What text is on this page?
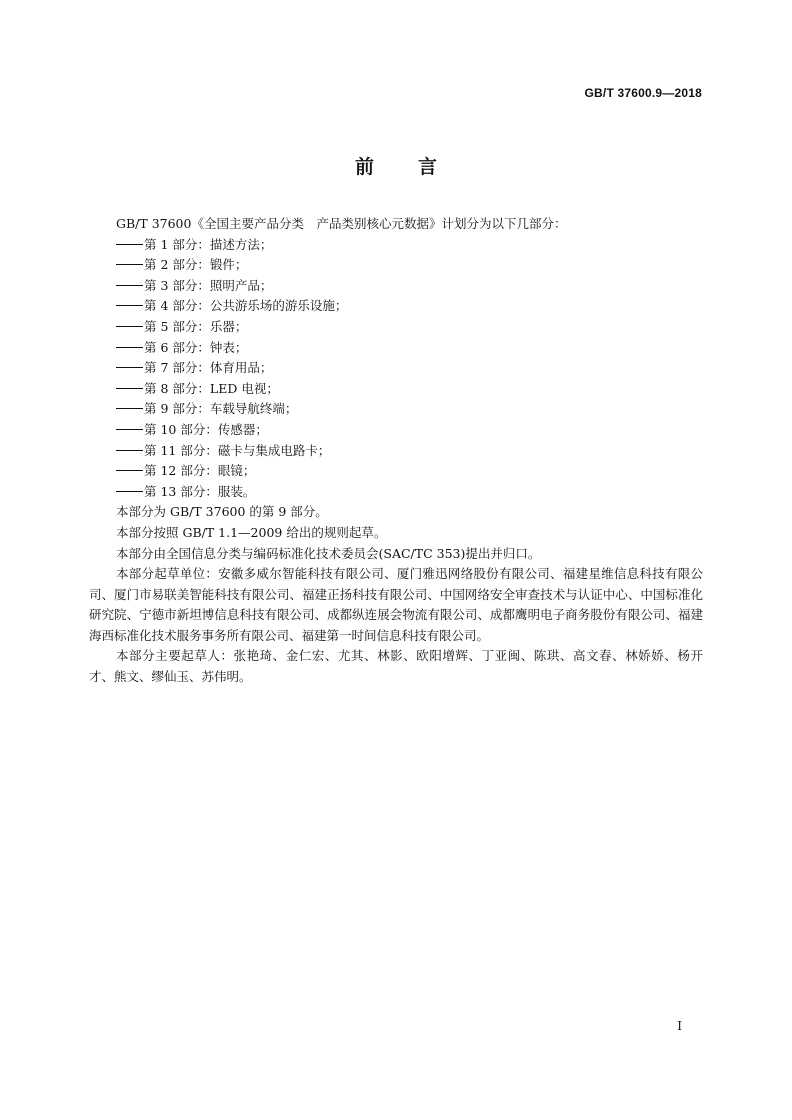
GB/T 37600.9—2018
前言

GB/T 37600《全国主要产品分类　产品类别核心元数据》计划分为以下几部分：

第 1 部分：描述方法；

第 2 部分：锻件；

第 3 部分：照明产品；

第 4 部分：公共游乐场的游乐设施；

第 5 部分：乐器；

第 6 部分：钟表；

第 7 部分：体育用品；

第 8 部分：LED 电视；

第 9 部分：车载导航终端；

第 10 部分：传感器；

第 11 部分：磁卡与集成电路卡；

第 12 部分：眼镜；

第 13 部分：服装。

本部分为 GB/T 37600 的第 9 部分。

本部分按照 GB/T 1.1—2009 给出的规则起草。

本部分由全国信息分类与编码标准化技术委员会(SAC/TC 353)提出并归口。

本部分起草单位：安徽多威尔智能科技有限公司、厦门雅迅网络股份有限公司、福建星维信息科技有限公司、厦门市易联美智能科技有限公司、福建正扬科技有限公司、中国网络安全审查技术与认证中心、中国标准化研究院、宁德市新坦博信息科技有限公司、成都纵连展会物流有限公司、成都鹰明电子商务股份有限公司、福建海西标准化技术服务事务所有限公司、福建第一时间信息科技有限公司。

本部分主要起草人：张艳琦、金仁宏、尤其、林影、欧阳增辉、丁亚闽、陈珙、高文春、林娇娇、杨开才、熊文、缪仙玉、苏伟明。

I
